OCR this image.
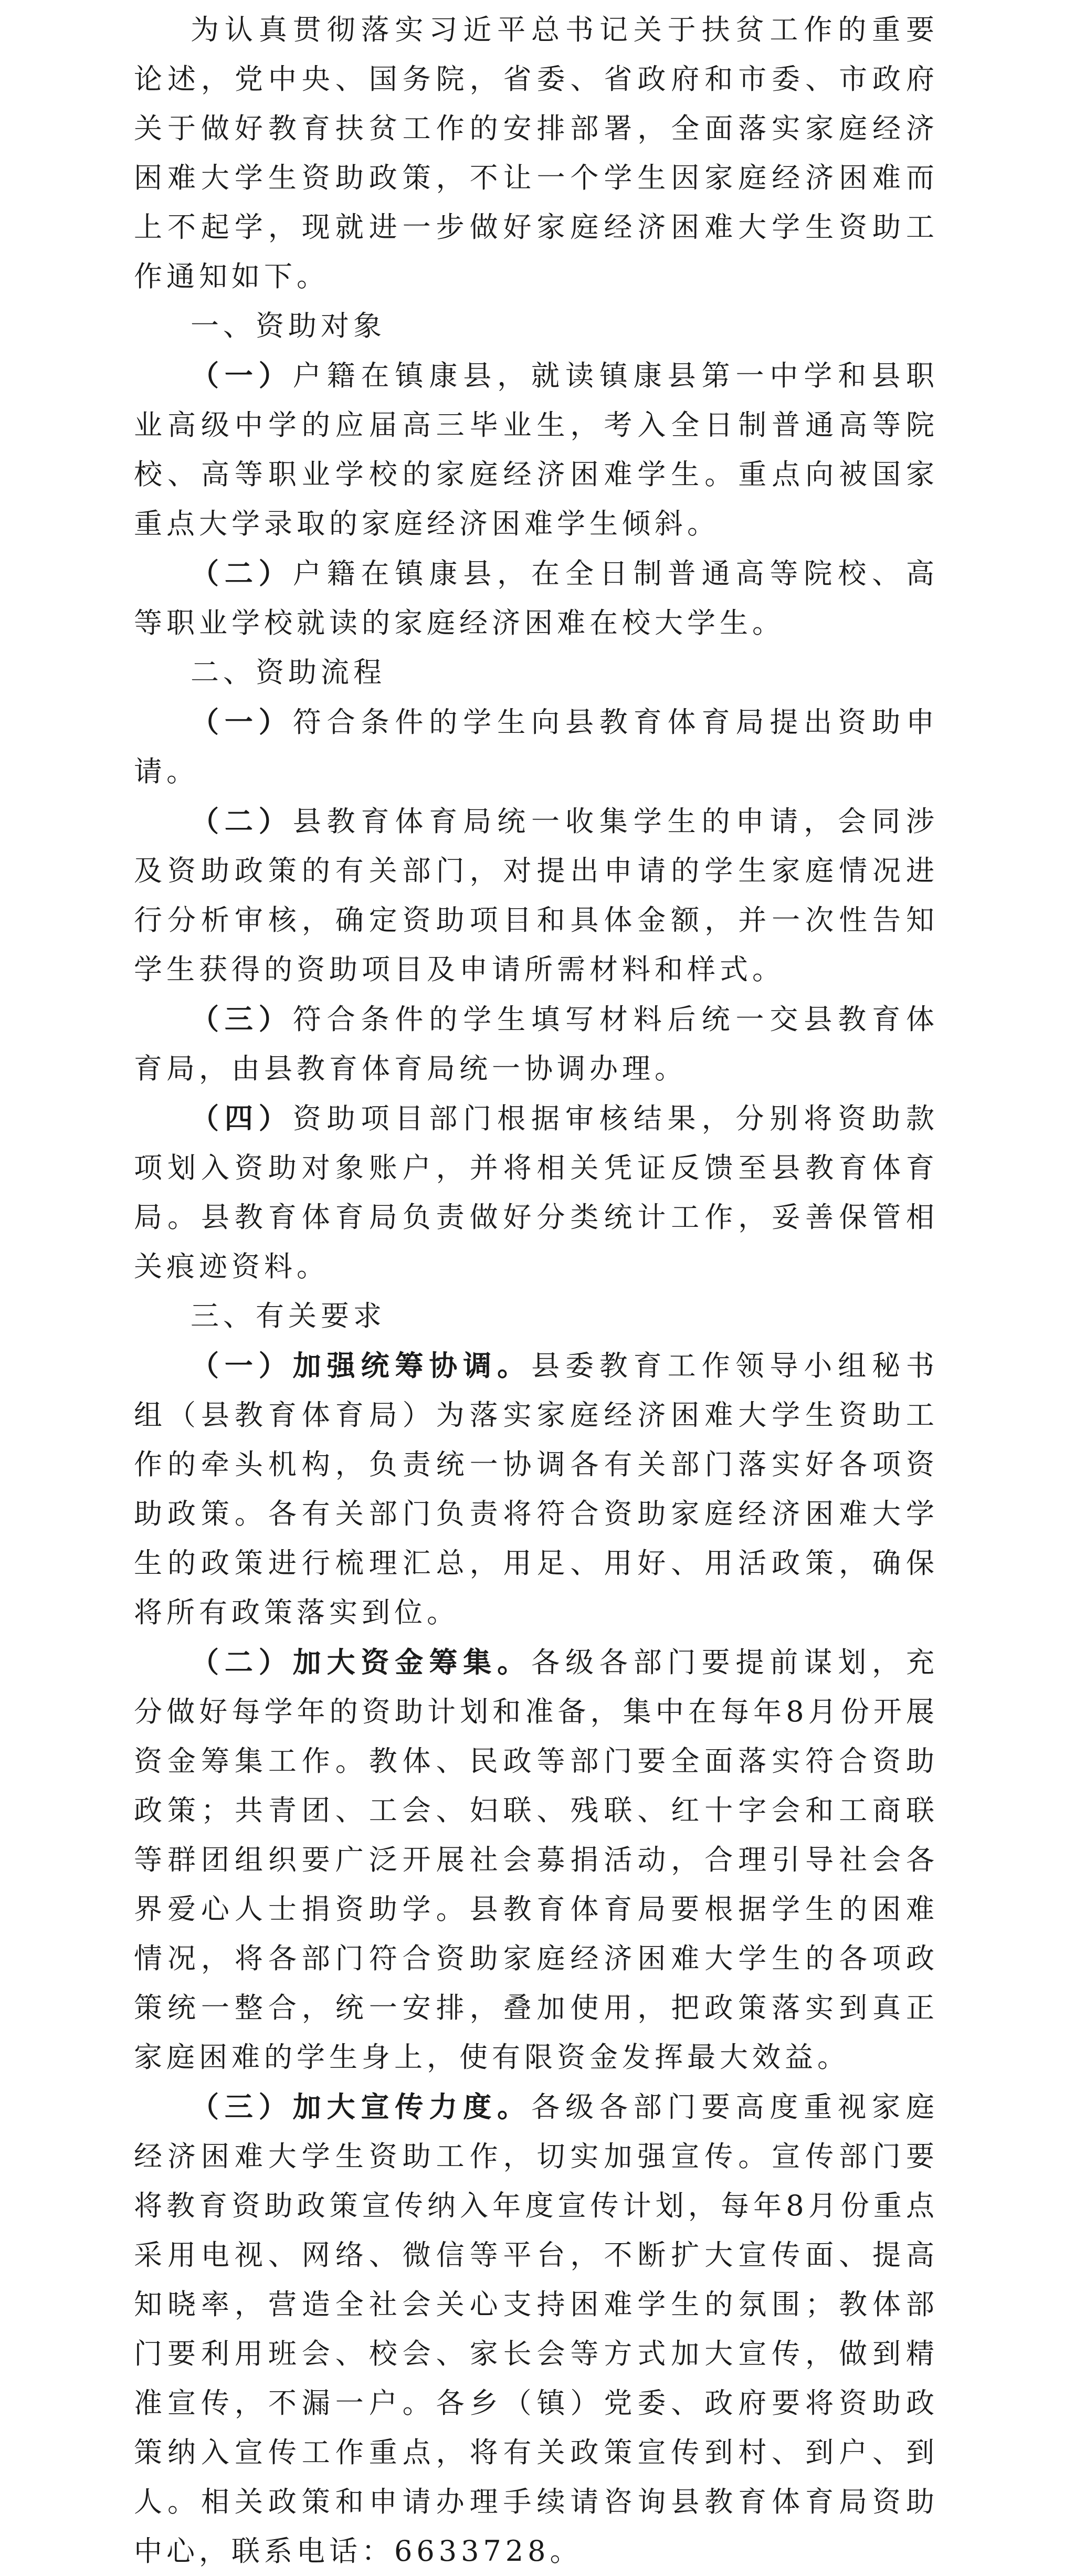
为认真贯彻落实习近平总书记关于扶贫工作的重要论述，党中央、国务院，省委、省政府和市委、市政府关于做好教育扶贫工作的安排部署，全面落实家庭经济困难大学生资助政策，不让一个学生因家庭经济困难而上不起学，现就进一步做好家庭经济困难大学生资助工作通知如下。

一、资助对象

（一）户籍在镇康县，就读镇康县第一中学和县职业高级中学的应届高三毕业生，考入全日制普通高等院校、高等职业学校的家庭经济困难学生。重点向被国家重点大学录取的家庭经济困难学生倾斜。

（二）户籍在镇康县，在全日制普通高等院校、高等职业学校就读的家庭经济困难在校大学生。

二、资助流程

（一）符合条件的学生向县教育体育局提出资助申请。

（二）县教育体育局统一收集学生的申请，会同涉及资助政策的有关部门，对提出申请的学生家庭情况进行分析审核，确定资助项目和具体金额，并一次性告知学生获得的资助项目及申请所需材料和样式。

（三）符合条件的学生填写材料后统一交县教育体育局，由县教育体育局统一协调办理。

（四）资助项目部门根据审核结果，分别将资助款项划入资助对象账户，并将相关凭证反馈至县教育体育局。县教育体育局负责做好分类统计工作，妥善保管相关痕迹资料。

三、有关要求

（一）加强统筹协调。县委教育工作领导小组秘书组（县教育体育局）为落实家庭经济困难大学生资助工作的牵头机构，负责统一协调各有关部门落实好各项资助政策。各有关部门负责将符合资助家庭经济困难大学生的政策进行梳理汇总，用足、用好、用活政策，确保将所有政策落实到位。

（二）加大资金筹集。各级各部门要提前谋划，充分做好每学年的资助计划和准备，集中在每年8月份开展资金筹集工作。教体、民政等部门要全面落实符合资助政策；共青团、工会、妇联、残联、红十字会和工商联等群团组织要广泛开展社会募捐活动，合理引导社会各界爱心人士捐资助学。县教育体育局要根据学生的困难情况，将各部门符合资助家庭经济困难大学生的各项政策统一整合，统一安排，叠加使用，把政策落实到真正家庭困难的学生身上，使有限资金发挥最大效益。

（三）加大宣传力度。各级各部门要高度重视家庭经济困难大学生资助工作，切实加强宣传。宣传部门要将教育资助政策宣传纳入年度宣传计划，每年8月份重点采用电视、网络、微信等平台，不断扩大宣传面、提高知晓率，营造全社会关心支持困难学生的氛围；教体部门要利用班会、校会、家长会等方式加大宣传，做到精准宣传，不漏一户。各乡（镇）党委、政府要将资助政策纳入宣传工作重点，将有关政策宣传到村、到户、到人。相关政策和申请办理手续请咨询县教育体育局资助中心，联系电话：6633728。
